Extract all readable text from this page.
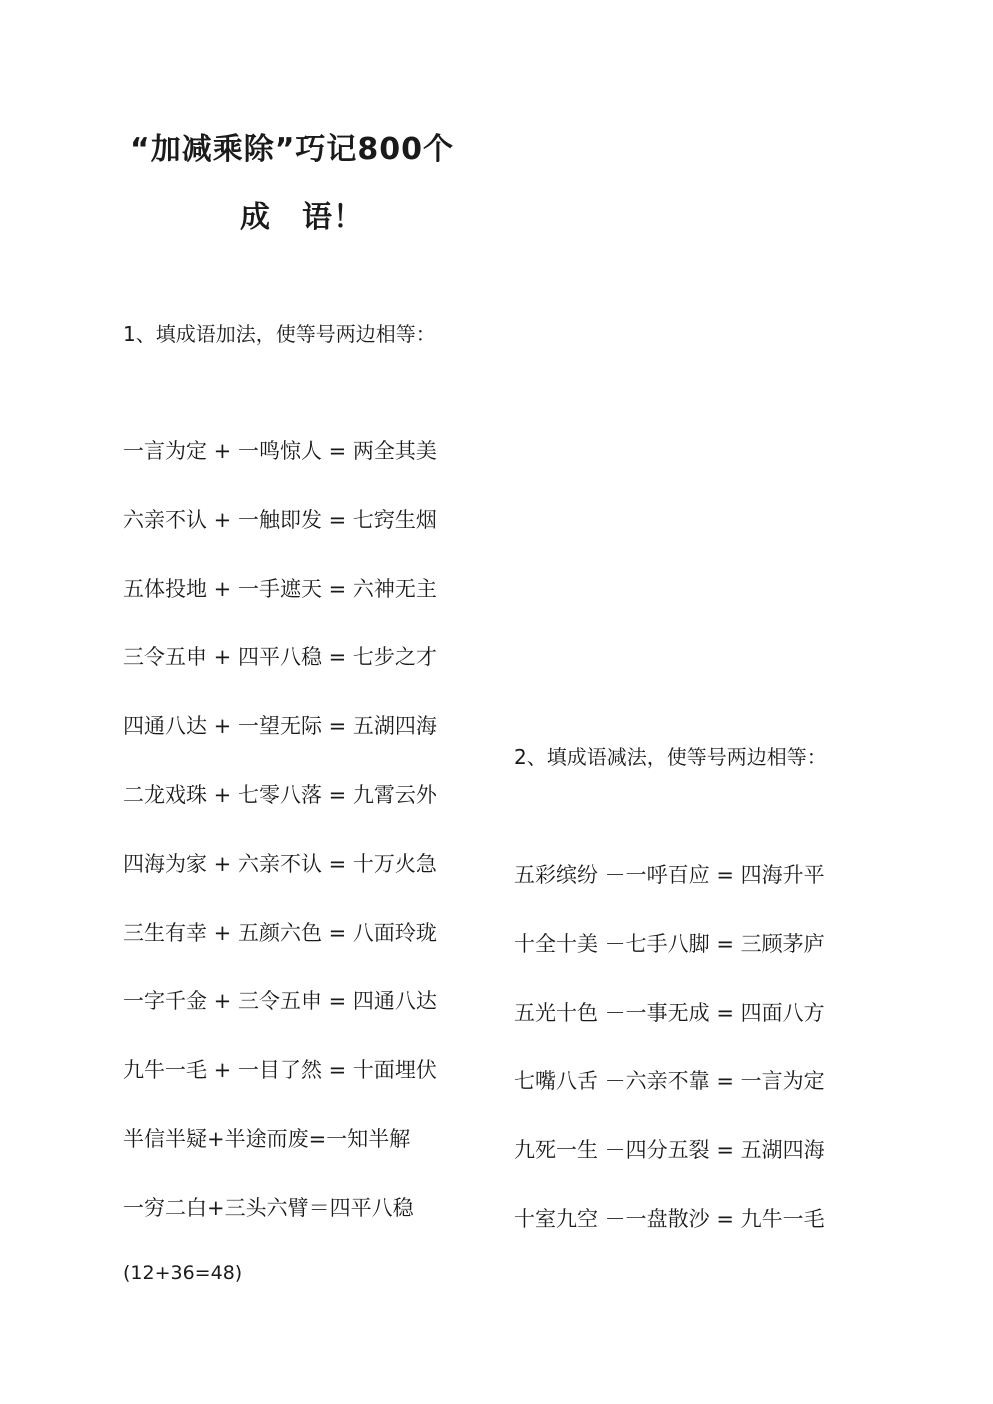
“加减乘除”巧记800个
成　语！
1、填成语加法，使等号两边相等：
一言为定 + 一鸣惊人 = 两全其美
六亲不认 + 一触即发 = 七窍生烟
五体投地 + 一手遮天 = 六神无主
三令五申 + 四平八稳 = 七步之才
四通八达 + 一望无际 = 五湖四海
二龙戏珠 + 七零八落 = 九霄云外
四海为家 + 六亲不认 = 十万火急
三生有幸 + 五颜六色 = 八面玲珑
一字千金 + 三令五申 = 四通八达
九牛一毛 + 一目了然 = 十面埋伏
半信半疑+半途而废=一知半解
一穷二白+三头六臂＝四平八稳
(12+36=48)
2、填成语减法，使等号两边相等：
五彩缤纷 －一呼百应 = 四海升平
十全十美 －七手八脚 = 三顾茅庐
五光十色 －一事无成 = 四面八方
七嘴八舌 －六亲不靠 = 一言为定
九死一生 －四分五裂 = 五湖四海
十室九空 －一盘散沙 = 九牛一毛
